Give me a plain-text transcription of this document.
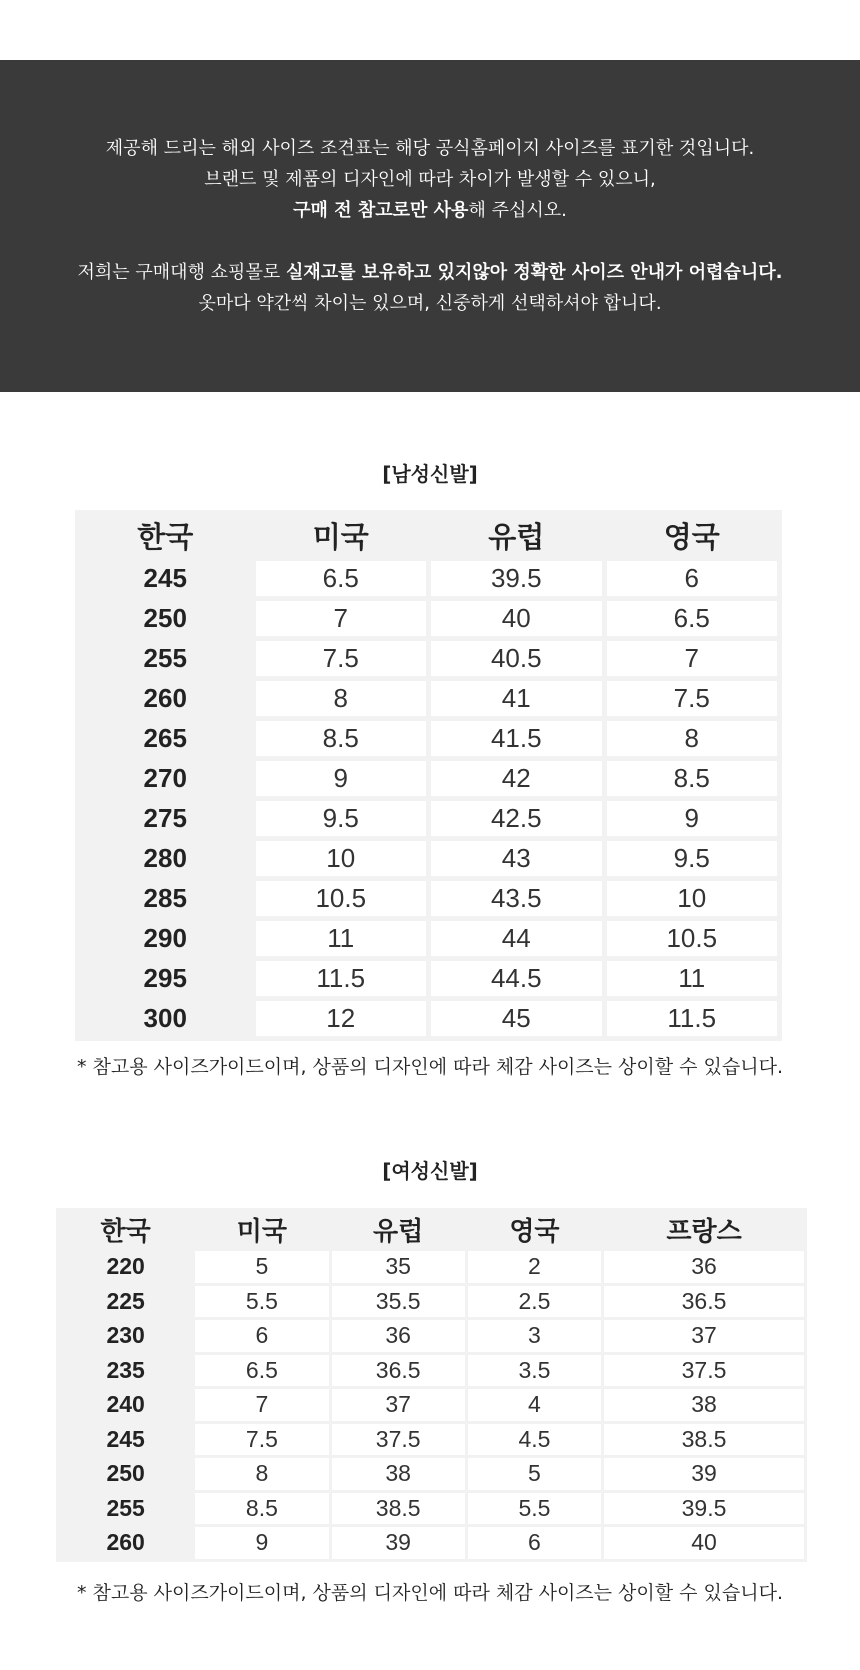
제공해 드리는 해외 사이즈 조견표는 해당 공식홈페이지 사이즈를 표기한 것입니다.

브랜드 및 제품의 디자인에 따라 차이가 발생할 수 있으니,

구매 전 참고로만 사용해 주십시오.

저희는 구매대행 쇼핑몰로 실재고를 보유하고 있지않아 정확한 사이즈 안내가 어렵습니다.

옷마다 약간씩 차이는 있으며, 신중하게 선택하셔야 합니다.

[남성신발]
한국	미국	유럽	영국
245	6.5	39.5	6
250	7	40	6.5
255	7.5	40.5	7
260	8	41	7.5
265	8.5	41.5	8
270	9	42	8.5
275	9.5	42.5	9
280	10	43	9.5
285	10.5	43.5	10
290	11	44	10.5
295	11.5	44.5	11
300	12	45	11.5
* 참고용 사이즈가이드이며, 상품의 디자인에 따라 체감 사이즈는 상이할 수 있습니다.
[여성신발]
한국	미국	유럽	영국	프랑스
220	5	35	2	36
225	5.5	35.5	2.5	36.5
230	6	36	3	37
235	6.5	36.5	3.5	37.5
240	7	37	4	38
245	7.5	37.5	4.5	38.5
250	8	38	5	39
255	8.5	38.5	5.5	39.5
260	9	39	6	40
* 참고용 사이즈가이드이며, 상품의 디자인에 따라 체감 사이즈는 상이할 수 있습니다.
